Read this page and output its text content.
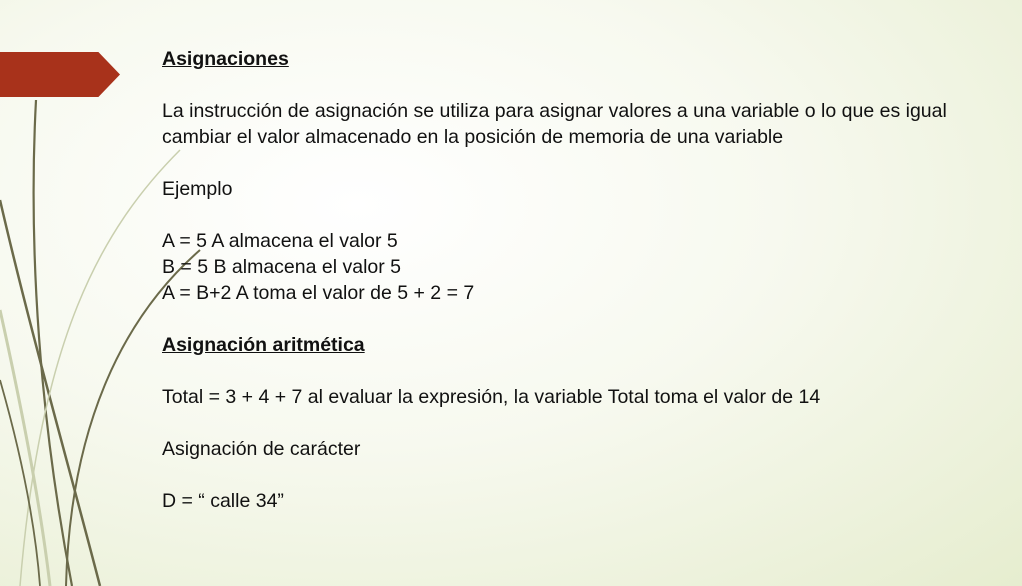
Asignaciones

La instrucción de asignación se utiliza para asignar valores a una variable o lo que es igual

cambiar el valor almacenado en la posición de memoria de una variable

Ejemplo

A = 5 A almacena el valor 5

B = 5 B almacena el valor 5

A = B+2 A toma el valor de 5 + 2 = 7

Asignación aritmética

Total = 3 + 4 + 7 al evaluar la expresión, la variable Total toma el valor de 14

Asignación de carácter

D = “ calle 34”
